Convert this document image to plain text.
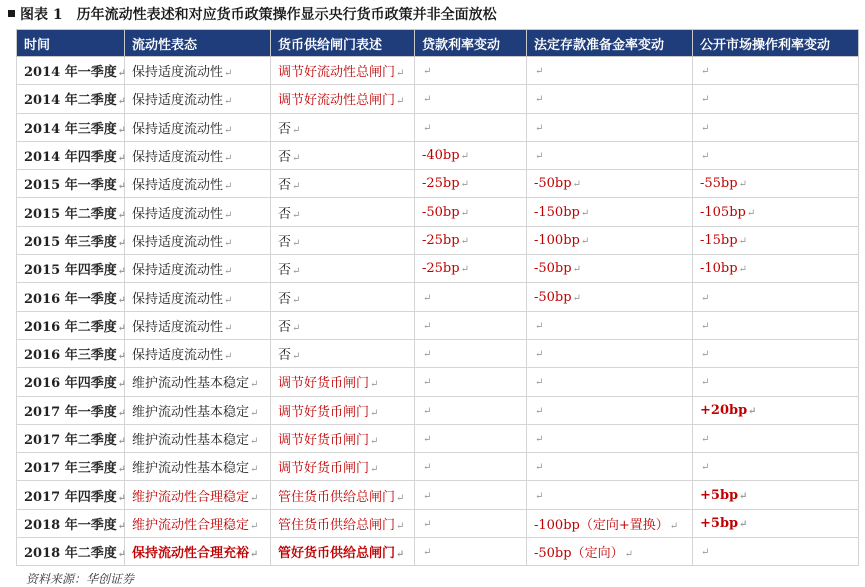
图表 1 历年流动性表述和对应货币政策操作显示央行货币政策并非全面放松
时间	流动性表态	货币供给闸门表述	贷款利率变动	法定存款准备金率变动	公开市场操作利率变动
2014 年一季度↵	保持适度流动性↵	调节好流动性总闸门↵	↵	↵	↵
2014 年二季度↵	保持适度流动性↵	调节好流动性总闸门↵	↵	↵	↵
2014 年三季度↵	保持适度流动性↵	否↵	↵	↵	↵
2014 年四季度↵	保持适度流动性↵	否↵	-40bp↵	↵	↵
2015 年一季度↵	保持适度流动性↵	否↵	-25bp↵	-50bp↵	-55bp↵
2015 年二季度↵	保持适度流动性↵	否↵	-50bp↵	-150bp↵	-105bp↵
2015 年三季度↵	保持适度流动性↵	否↵	-25bp↵	-100bp↵	-15bp↵
2015 年四季度↵	保持适度流动性↵	否↵	-25bp↵	-50bp↵	-10bp↵
2016 年一季度↵	保持适度流动性↵	否↵	↵	-50bp↵	↵
2016 年二季度↵	保持适度流动性↵	否↵	↵	↵	↵
2016 年三季度↵	保持适度流动性↵	否↵	↵	↵	↵
2016 年四季度↵	维护流动性基本稳定↵	调节好货币闸门↵	↵	↵	↵
2017 年一季度↵	维护流动性基本稳定↵	调节好货币闸门↵	↵	↵	+20bp↵
2017 年二季度↵	维护流动性基本稳定↵	调节好货币闸门↵	↵	↵	↵
2017 年三季度↵	维护流动性基本稳定↵	调节好货币闸门↵	↵	↵	↵
2017 年四季度↵	维护流动性合理稳定↵	管住货币供给总闸门↵	↵	↵	+5bp↵
2018 年一季度↵	维护流动性合理稳定↵	管住货币供给总闸门↵	↵	-100bp（定向+置换）↵	+5bp↵
2018 年二季度↵	保持流动性合理充裕↵	管好货币供给总闸门↵	↵	-50bp（定向）↵	↵
资料来源：华创证券
